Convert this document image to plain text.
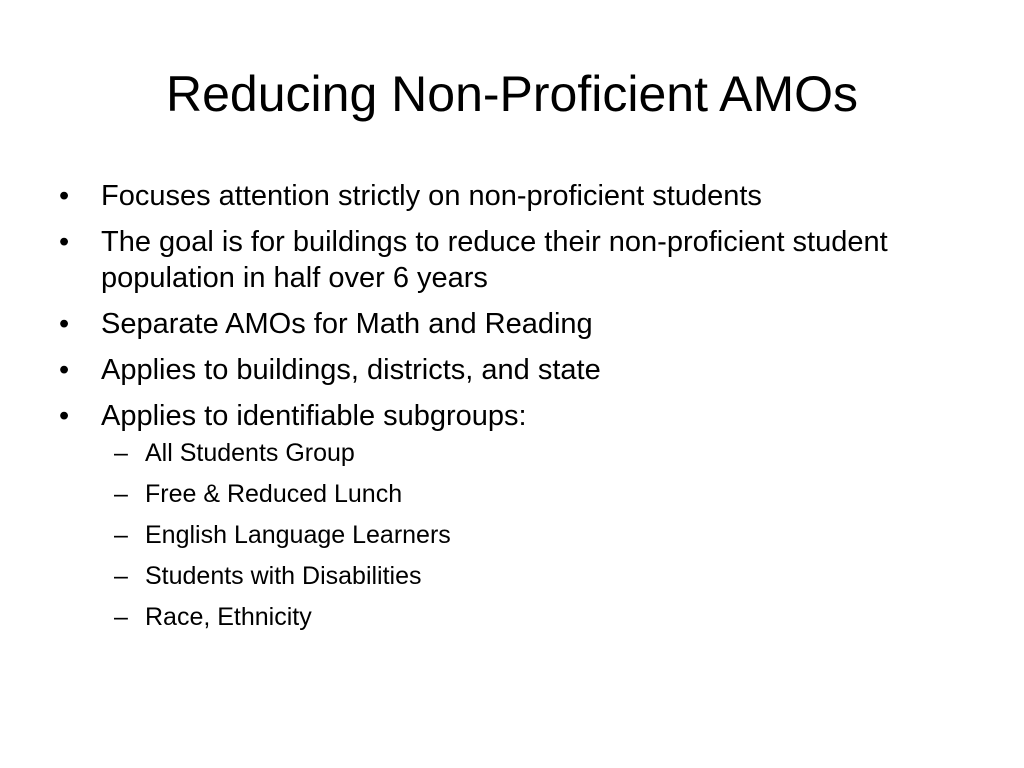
Reducing Non-Proficient AMOs
• Focuses attention strictly on non-proficient students
• The goal is for buildings to reduce their non-proficient student population in half over 6 years
• Separate AMOs for Math and Reading
• Applies to buildings, districts, and state
• Applies to identifiable subgroups:
– All Students Group
– Free & Reduced Lunch
– English Language Learners
– Students with Disabilities
– Race, Ethnicity
